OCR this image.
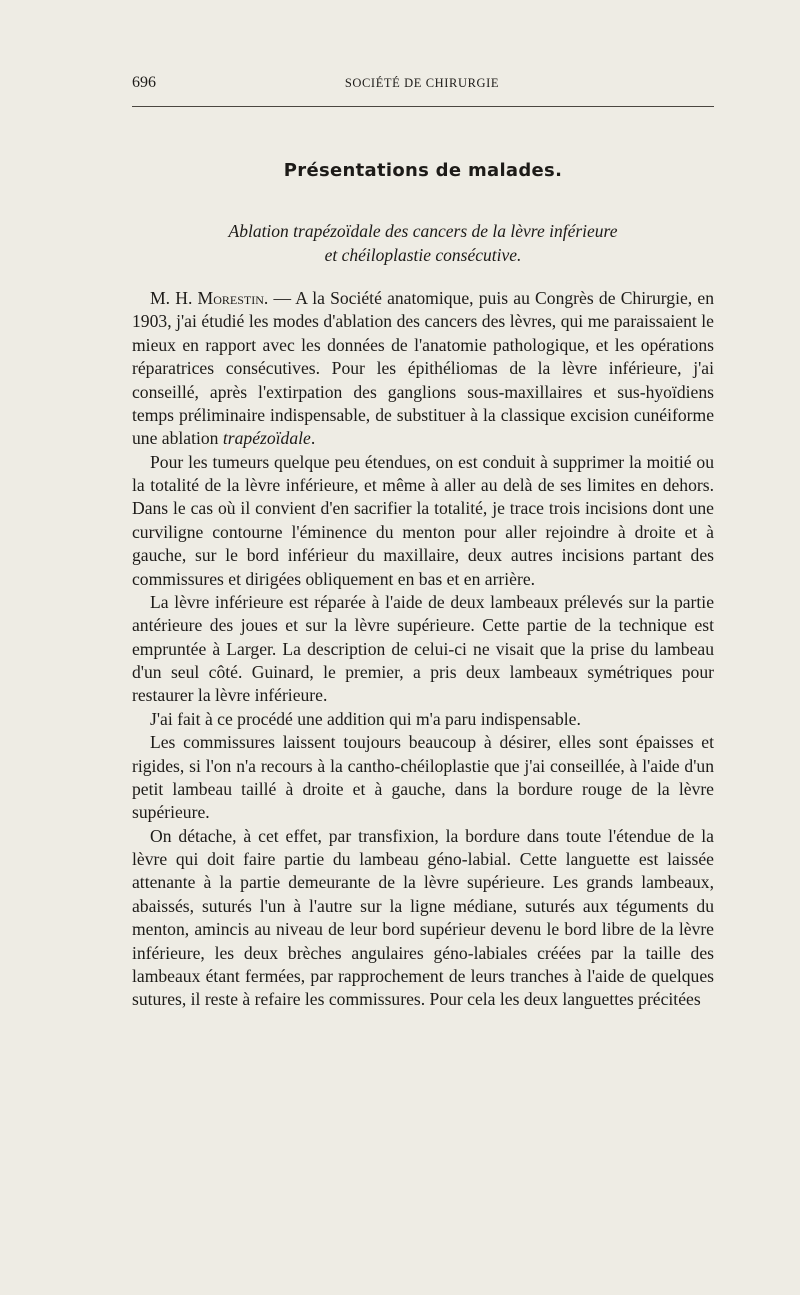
696	SOCIÉTÉ DE CHIRURGIE
Présentations de malades.
Ablation trapézoïdale des cancers de la lèvre inférieure
et chéiloplastie consécutive.

M. H. Morestin. — A la Société anatomique, puis au Congrès de Chirurgie, en 1903, j'ai étudié les modes d'ablation des cancers des lèvres, qui me paraissaient le mieux en rapport avec les données de l'anatomie pathologique, et les opérations réparatrices consécutives. Pour les épithéliomas de la lèvre inférieure, j'ai conseillé, après l'extirpation des ganglions sous-maxillaires et sus-hyoïdiens temps préliminaire indispensable, de substituer à la classique excision cunéiforme une ablation trapézoïdale.

Pour les tumeurs quelque peu étendues, on est conduit à supprimer la moitié ou la totalité de la lèvre inférieure, et même à aller au delà de ses limites en dehors. Dans le cas où il convient d'en sacrifier la totalité, je trace trois incisions dont une curviligne contourne l'éminence du menton pour aller rejoindre à droite et à gauche, sur le bord inférieur du maxillaire, deux autres incisions partant des commissures et dirigées obliquement en bas et en arrière.

La lèvre inférieure est réparée à l'aide de deux lambeaux prélevés sur la partie antérieure des joues et sur la lèvre supérieure. Cette partie de la technique est empruntée à Larger. La description de celui-ci ne visait que la prise du lambeau d'un seul côté. Guinard, le premier, a pris deux lambeaux symétriques pour restaurer la lèvre inférieure.

J'ai fait à ce procédé une addition qui m'a paru indispensable.

Les commissures laissent toujours beaucoup à désirer, elles sont épaisses et rigides, si l'on n'a recours à la cantho-chéiloplastie que j'ai conseillée, à l'aide d'un petit lambeau taillé à droite et à gauche, dans la bordure rouge de la lèvre supérieure.

On détache, à cet effet, par transfixion, la bordure dans toute l'étendue de la lèvre qui doit faire partie du lambeau géno-labial. Cette languette est laissée attenante à la partie demeurante de la lèvre supérieure. Les grands lambeaux, abaissés, suturés l'un à l'autre sur la ligne médiane, suturés aux téguments du menton, amincis au niveau de leur bord supérieur devenu le bord libre de la lèvre inférieure, les deux brèches angulaires géno-labiales créées par la taille des lambeaux étant fermées, par rapprochement de leurs tranches à l'aide de quelques sutures, il reste à refaire les commissures. Pour cela les deux languettes précitées
